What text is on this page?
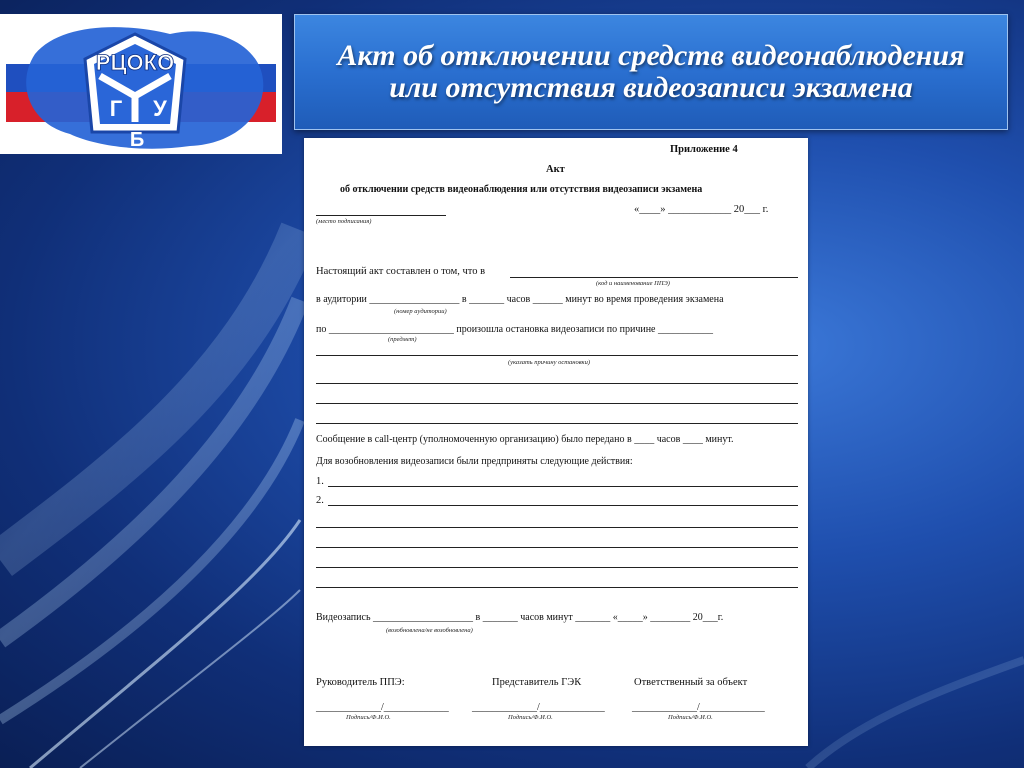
РЦОКО
Г У
Б
Акт об отключении средств видеонаблюдения или отсутствия видеозаписи экзамена
Приложение 4
Акт
об отключении средств видеонаблюдения или отсутствия видеозаписи экзамена
«____» ____________ 20___ г.
(место подписания)
Настоящий акт составлен о том, что в
(код и наименование ППЭ)
в аудитории __________________ в _______ часов ______ минут во время проведения экзамена
(номер аудитории)
по _________________________ произошла остановка видеозаписи по причине ___________
(предмет)
(указать причину остановки)
Сообщение в call-центр (уполномоченную организацию) было передано в ____ часов ____ минут.
Для возобновления видеозаписи были предприняты следующие действия:
1.
2.
Видеозапись ____________________ в _______ часов минут _______ «_____» ________ 20___г.
(возобновлена/не возобновлена)
Руководитель ППЭ:	Представитель ГЭК	Ответственный за объект
_____________/_____________ _____________/_____________	_____________/_____________
Подпись/Ф.И.О.	Подпись/Ф.И.О.	Подпись/Ф.И.О.
